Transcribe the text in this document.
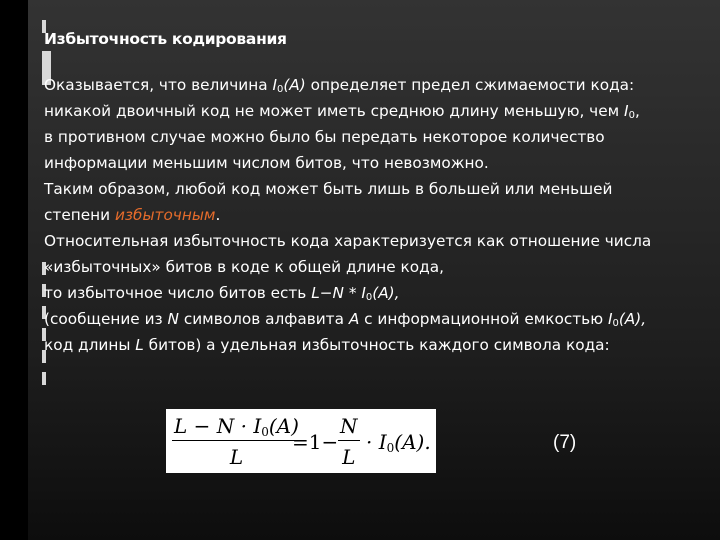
Избыточность кодирования
Оказывается, что величина $I_0(A)$ определяет предел сжимаемости кода:
никакой двоичный код не может иметь среднюю длину меньшую, чем $I_0$,
в противном случае можно было бы передать некоторое количество
информации меньшим числом битов, что невозможно.
Таким образом, любой код может быть лишь в большей или меньшей
степени избыточным.
Относительная избыточность кода характеризуется как отношение числа
«избыточных» битов в коде к общей длине кода,
то избыточное число битов есть $L-N * I_0(A)$,
(сообщение из N символов алфавита A с информационной емкостью $I_0(A)$,
код длины L битов) а удельная избыточность каждого символа кода:
$\frac{L - N \cdot I_0(A)}{L}$
$=1- \frac{N}{L} \cdot I_0(A)$.	(7)
